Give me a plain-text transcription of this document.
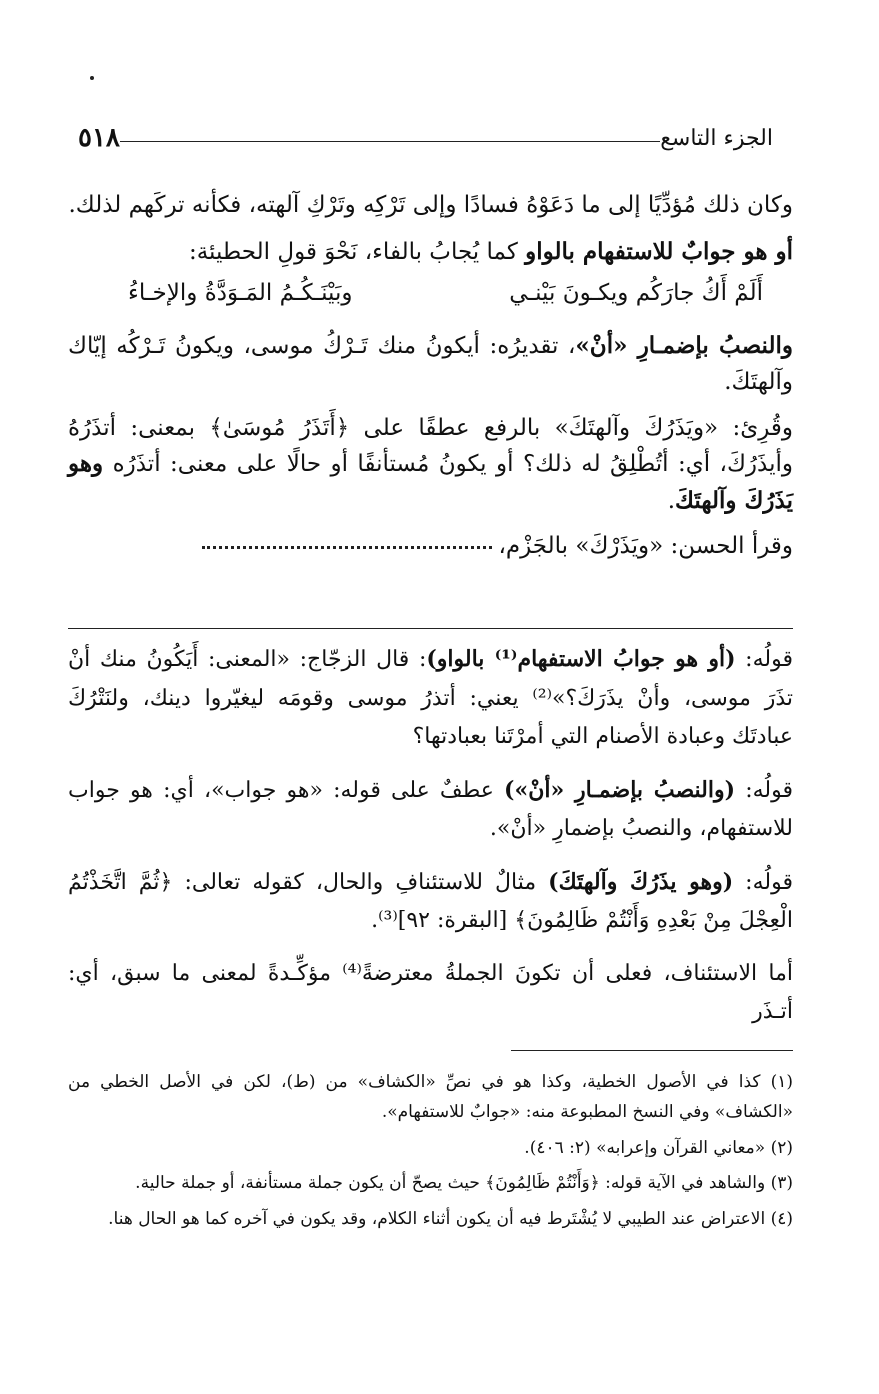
الجزء التاسع
٥١٨

وكان ذلك مُؤدِّيًا إلى ما دَعَوْهُ فسادًا وإلى تَرْكِه وتَرْكِ آلهته، فكأنه تركَهم لذلك.

أو هو جوابٌ للاستفهام بالواو كما يُجابُ بالفاء، نَحْوَ قولِ الحطيئة:

أَلَمْ أَكُ جارَكُم ويكـونَ بَيْنـي
وبَيْنَـكُـمُ المَـوَدَّةُ والإخـاءُ

والنصبُ بإضمـارِ «أنْ»، تقديرُه: أيكونُ منك تَـرْكُ موسى، ويكونُ تَـرْكُه إيّاك وآلهتَكَ.

وقُرِئ: «ويَذَرُكَ وآلهتَكَ» بالرفع عطفًا على ﴿أَتَذَرُ مُوسَىٰ﴾ بمعنى: أتذَرُهُ وأيذَرُكَ، أي: أتُطْلِقُ له ذلك؟ أو يكونُ مُستأنفًا أو حالًا على معنى: أتذَرُه وهو يَذَرُكَ وآلهتَكَ.

وقرأ الحسن: «ويَذَرْكَ» بالجَزْم،

قولُه: (أو هو جوابُ الاستفهام⁽¹⁾ بالواو): قال الزجّاج: «المعنى: أَيَكُونُ منك أنْ تذَرَ موسى، وأنْ يذَرَكَ؟»⁽²⁾ يعني: أتذرُ موسى وقومَه ليغيّروا دينك، ولنَتْرُكَ عبادتَك وعبادة الأصنام التي أمرْتَنا بعبادتها؟

قولُه: (والنصبُ بإضمـارِ «أنْ») عطفٌ على قوله: «هو جواب»، أي: هو جواب للاستفهام، والنصبُ بإضمارِ «أنْ».

قولُه: (وهو يذَرُكَ وآلهتَكَ) مثالٌ للاستئنافِ والحال، كقوله تعالى: ﴿ثُمَّ اتَّخَذْتُمُ الْعِجْلَ مِنْ بَعْدِهِ وَأَنْتُمْ ظَالِمُونَ﴾ [البقرة: ٩٢]⁽³⁾.

أما الاستئناف، فعلى أن تكونَ الجملةُ معترضةً⁽⁴⁾ مؤكِّـدةً لمعنى ما سبق، أي: أتـذَر

(١) كذا في الأصول الخطية، وكذا هو في نصِّ «الكشاف» من (ط)، لكن في الأصل الخطي من «الكشاف» وفي النسخ المطبوعة منه: «جوابٌ للاستفهام».

(٢) «معاني القرآن وإعرابه» (٢: ٤٠٦).

(٣) والشاهد في الآية قوله: ﴿وَأَنْتُمْ ظَالِمُونَ﴾ حيث يصحّ أن يكون جملة مستأنفة، أو جملة حالية.

(٤) الاعتراض عند الطيبي لا يُشْتَرط فيه أن يكون أثناء الكلام، وقد يكون في آخره كما هو الحال هنا.
